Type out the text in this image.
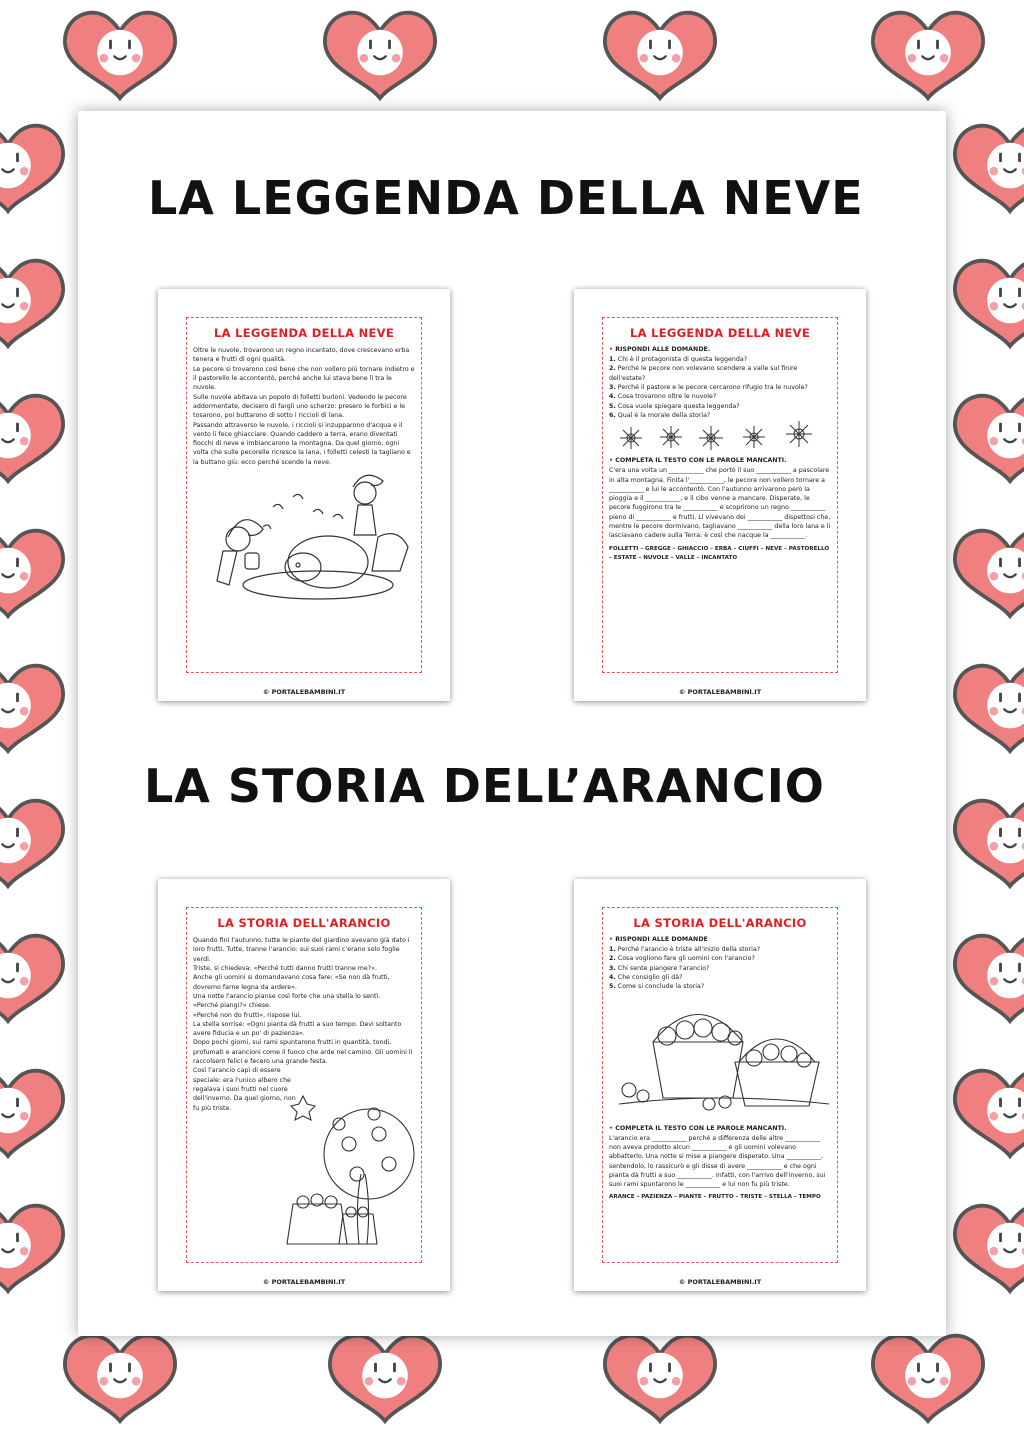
LA LEGGENDA DELLA NEVE
LA STORIA DELL’ARANCIO
LA LEGGENDA DELLA NEVE

Oltre le nuvole, trovarono un regno incantato, dove crescevano erba tenera e frutti di ogni qualità.

Le pecore si trovarono così bene che non vollero più tornare indietro e il pastorello le accontentò, perché anche lui stava bene lì tra le nuvole.

Sulle nuvole abitava un popolo di folletti burloni. Vedendo le pecore addormentate, decisero di fargli uno scherzo: presero le forbici e le tosarono, poi buttarono di sotto i riccioli di lana.

Passando attraverso le nuvole, i riccioli si inzupparono d'acqua e il vento li fece ghiacciare. Quando caddero a terra, erano diventati fiocchi di neve e imbiancarono la montagna. Da quel giorno, ogni volta che sulle pecorelle ricresce la lana, i folletti celesti la tagliano e la buttano giù: ecco perché scende la neve.

© PORTALEBAMBINI.IT
LA LEGGENDA DELLA NEVE
• RISPONDI ALLE DOMANDE.
1. Chi è il protagonista di questa leggenda?
2. Perché le pecore non volevano scendere a valle sul finire dell'estate?
3. Perché il pastore e le pecore cercarono rifugio tra le nuvole?
4. Cosa trovarono oltre le nuvole?
5. Cosa vuole spiegare questa leggenda?
6. Qual è la morale della storia?
• COMPLETA IL TESTO CON LE PAROLE MANCANTI.
C'era una volta un ___________ che portò il suo ___________ a pascolare in alta montagna. Finita l'___________, le pecore non vollero tornare a ___________ e lui le accontentò. Con l'autunno arrivarono però la pioggia e il ___________, e il cibo venne a mancare. Disperate, le pecore fuggirono tra le ___________ e scoprirono un regno ___________ pieno di ___________ e frutti. Lì vivevano dei ___________ dispettosi che, mentre le pecore dormivano, tagliavano ___________ della loro lana e li lasciavano cadere sulla Terra: è così che nacque la ___________.
FOLLETTI – GREGGE – GHIACCIO – ERBA – CIUFFI – NEVE – PASTORELLO – ESTATE – NUVOLE – VALLE – INCANTATO
© PORTALEBAMBINI.IT
LA STORIA DELL'ARANCIO

Quando finì l'autunno, tutte le piante del giardino avevano già dato i loro frutti. Tutte, tranne l'arancio: sui suoi rami c'erano solo foglie verdi.

Triste, si chiedeva: «Perché tutti danno frutti tranne me?».

Anche gli uomini si domandavano cosa fare: «Se non dà frutti, dovremo farne legna da ardere».

Una notte l'arancio pianse così forte che una stella lo sentì.

«Perché piangi?» chiese.

«Perché non do frutti», rispose lui.

La stella sorrise: «Ogni pianta dà frutti a suo tempo. Devi soltanto avere fiducia e un po' di pazienza».

Dopo pochi giorni, sui rami spuntarono frutti in quantità, tondi, profumati e arancioni come il fuoco che arde nel camino. Gli uomini li raccolsero felici e fecero una grande festa.

Così l'arancio capì di essere speciale: era l'unico albero che regalava i suoi frutti nel cuore dell'inverno. Da quel giorno, non fu più triste.

© PORTALEBAMBINI.IT
LA STORIA DELL'ARANCIO
• RISPONDI ALLE DOMANDE
1. Perché l'arancio è triste all'inizio della storia?
2. Cosa vogliono fare gli uomini con l'arancio?
3. Chi sente piangere l'arancio?
4. Che consiglio gli dà?
5. Come si conclude la storia?
• COMPLETA IL TESTO CON LE PAROLE MANCANTI.
L'arancio era ___________ perché a differenza delle altre ___________ non aveva prodotto alcun ___________ e gli uomini volevano abbatterlo. Una notte si mise a piangere disperato. Una ___________, sentendolo, lo rassicurò e gli disse di avere ___________ e che ogni pianta dà frutti a suo ___________. Infatti, con l'arrivo dell'inverno, sui suoi rami spuntarono le ___________ e lui non fu più triste.
ARANCE – PAZIENZA – PIANTE – FRUTTO – TRISTE – STELLA – TEMPO
© PORTALEBAMBINI.IT
